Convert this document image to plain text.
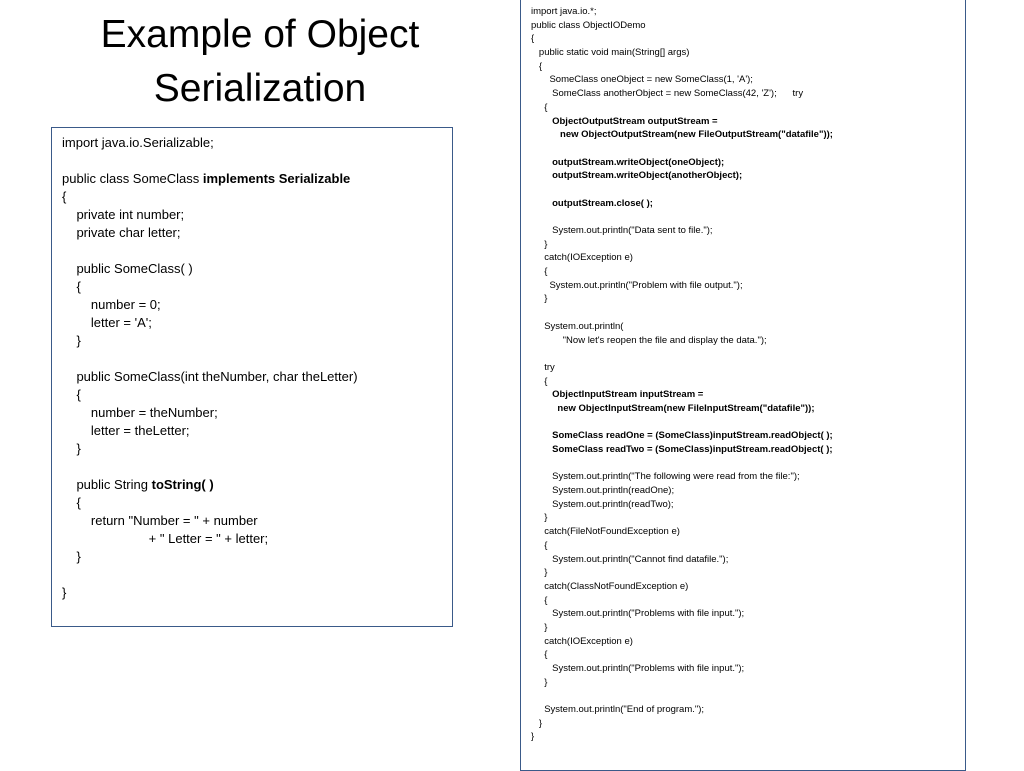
Example of Object
Serialization
import java.io.Serializable;
public class SomeClass implements Serializable
{
private int number;
private char letter;
public SomeClass( )
{
number = 0;
letter = 'A';
}
public SomeClass(int theNumber, char theLetter)
{
number = theNumber;
letter = theLetter;
}
public String toString( )
{
return "Number = " + number
+ " Letter = " + letter;
}
}
import java.io.*;
public class ObjectIODemo
{
public static void main(String[] args)
{
SomeClass oneObject = new SomeClass(1, 'A');
SomeClass anotherObject = new SomeClass(42, 'Z');      try
{
ObjectOutputStream outputStream =
new ObjectOutputStream(new FileOutputStream("datafile"));
outputStream.writeObject(oneObject);
outputStream.writeObject(anotherObject);
outputStream.close( );
System.out.println("Data sent to file.");
}
catch(IOException e)
{
System.out.println("Problem with file output.");
}
System.out.println(
"Now let's reopen the file and display the data.");
try
{
ObjectInputStream inputStream =
new ObjectInputStream(new FileInputStream("datafile"));
SomeClass readOne = (SomeClass)inputStream.readObject( );
SomeClass readTwo = (SomeClass)inputStream.readObject( );
System.out.println("The following were read from the file:");
System.out.println(readOne);
System.out.println(readTwo);
}
catch(FileNotFoundException e)
{
System.out.println("Cannot find datafile.");
}
catch(ClassNotFoundException e)
{
System.out.println("Problems with file input.");
}
catch(IOException e)
{
System.out.println("Problems with file input.");
}
System.out.println("End of program.");
}
}
